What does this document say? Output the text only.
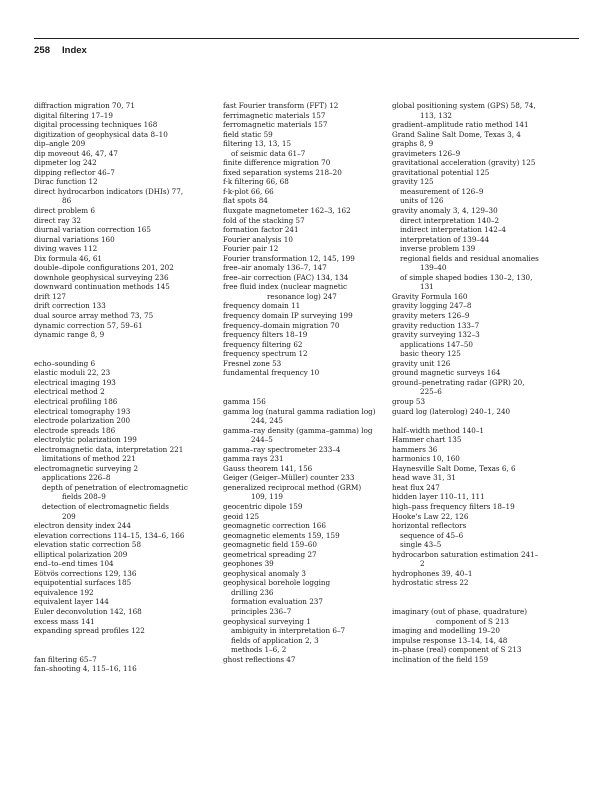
258 Index
diffraction migration 70, 71
digital filtering 17–19
digital processing techniques 168
digitization of geophysical data 8–10
dip–angle 209
dip moveout 46, 47, 47
dipmeter log 242
dipping reflector 46–7
Dirac function 12
direct hydrocarbon indicators (DHIs) 77,
86
direct problem 6
direct ray 32
diurnal variation correction 165
diurnal variations 160
diving waves 112
Dix formula 46, 61
double–dipole configurations 201, 202
downhole geophysical surveying 236
downward continuation methods 145
drift 127
drift correction 133
dual source array method 73, 75
dynamic correction 57, 59–61
dynamic range 8, 9
echo–sounding 6
elastic moduli 22, 23
electrical imaging 193
electrical method 2
electrical profiling 186
electrical tomography 193
electrode polarization 200
electrode spreads 186
electrolytic polarization 199
electromagnetic data, interpretation 221
limitations of method 221
electromagnetic surveying 2
applications 226–8
depth of penetration of electromagnetic
fields 208–9
detection of electromagnetic fields
209
electron density index 244
elevation corrections 114–15, 134–6, 166
elevation static correction 58
elliptical polarization 209
end–to–end times 104
Eötvös corrections 129, 136
equipotential surfaces 185
equivalence 192
equivalent layer 144
Euler deconvolution 142, 168
excess mass 141
expanding spread profiles 122
fan filtering 65–7
fan–shooting 4, 115–16, 116
fast Fourier transform (FFT) 12
ferrimagnetic materials 157
ferromagnetic materials 157
field static 59
filtering 13, 13, 15
of seismic data 61–7
finite difference migration 70
fixed separation systems 218–20
f-k filtering 66, 68
f-k-plot 66, 66
flat spots 84
fluxgate magnetometer 162–3, 162
fold of the stacking 57
formation factor 241
Fourier analysis 10
Fourier pair 12
Fourier transformation 12, 145, 199
free–air anomaly 136–7, 147
free–air correction (FAC) 134, 134
free fluid index (nuclear magnetic
resonance log) 247
frequency domain 11
frequency domain IP surveying 199
frequency–domain migration 70
frequency filters 18–19
frequency filtering 62
frequency spectrum 12
Fresnel zone 53
fundamental frequency 10
gamma 156
gamma log (natural gamma radiation log)
244, 245
gamma–ray density (gamma–gamma) log
244–5
gamma–ray spectrometer 233–4
gamma rays 231
Gauss theorem 141, 156
Geiger (Geiger–Müller) counter 233
generalized reciprocal method (GRM)
109, 119
geocentric dipole 159
geoid 125
geomagnetic correction 166
geomagnetic elements 159, 159
geomagnetic field 159–60
geometrical spreading 27
geophones 39
geophysical anomaly 3
geophysical borehole logging
drilling 236
formation evaluation 237
principles 236–7
geophysical surveying 1
ambiguity in interpretation 6–7
fields of application 2, 3
methods 1–6, 2
ghost reflections 47
global positioning system (GPS) 58, 74,
113, 132
gradient–amplitude ratio method 141
Grand Saline Salt Dome, Texas 3, 4
graphs 8, 9
gravimeters 126–9
gravitational acceleration (gravity) 125
gravitational potential 125
gravity 125
measurement of 126–9
units of 126
gravity anomaly 3, 4, 129–30
direct interpretation 140–2
indirect interpretation 142–4
interpretation of 139–44
inverse problem 139
regional fields and residual anomalies
139–40
of simple shaped bodies 130–2, 130,
131
Gravity Formula 160
gravity logging 247–8
gravity meters 126–9
gravity reduction 133–7
gravity surveying 132–3
applications 147–50
basic theory 125
gravity unit 126
ground magnetic surveys 164
ground–penetrating radar (GPR) 20,
225–6
group 53
guard log (laterolog) 240–1, 240
half–width method 140–1
Hammer chart 135
hammers 36
harmonics 10, 160
Haynesville Salt Dome, Texas 6, 6
head wave 31, 31
heat flux 247
hidden layer 110–11, 111
high–pass frequency filters 18–19
Hooke's Law 22, 126
horizontal reflectors
sequence of 45–6
single 43–5
hydrocarbon saturation estimation 241–
2
hydrophones 39, 40–1
hydrostatic stress 22
imaginary (out of phase, quadrature)
component of S 213
imaging and modelling 19–20
impulse response 13–14, 14, 48
in–phase (real) component of S 213
inclination of the field 159
